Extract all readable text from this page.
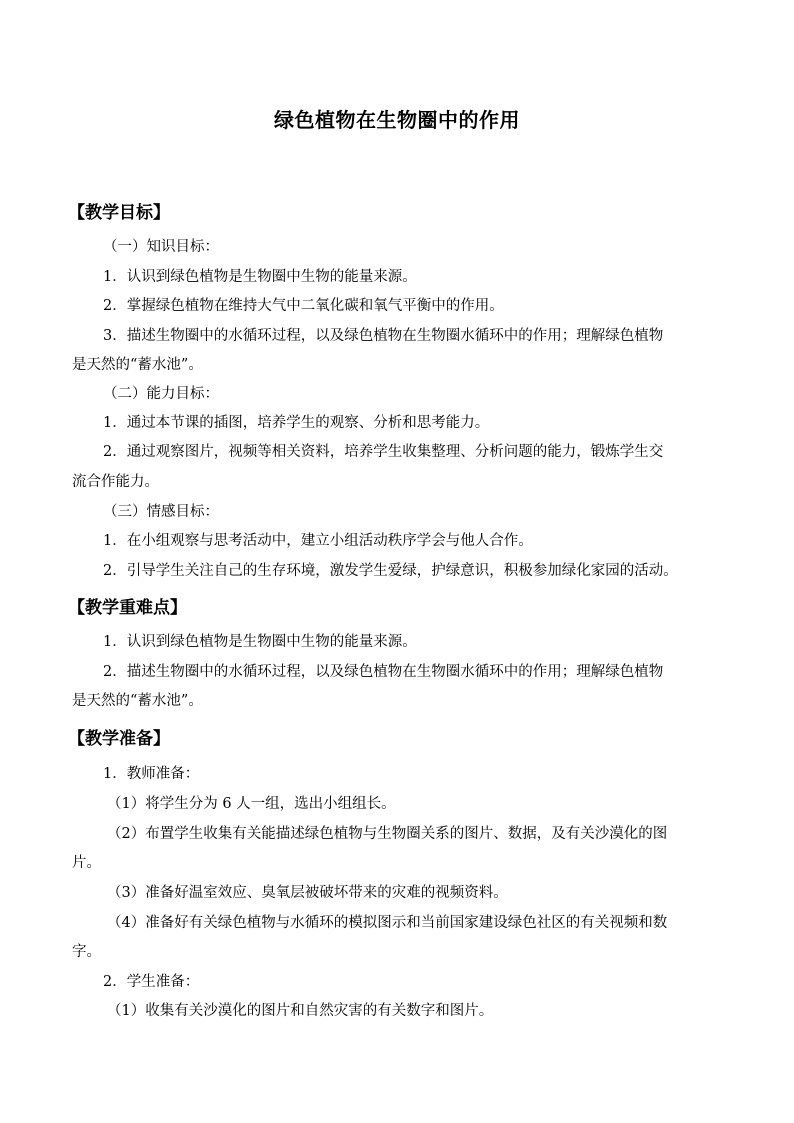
绿色植物在生物圈中的作用
【教学目标】
（一）知识目标：
1．认识到绿色植物是生物圈中生物的能量来源。
2．掌握绿色植物在维持大气中二氧化碳和氧气平衡中的作用。
3．描述生物圈中的水循环过程，以及绿色植物在生物圈水循环中的作用；理解绿色植物
是天然的“蓄水池”。
（二）能力目标：
1．通过本节课的插图，培养学生的观察、分析和思考能力。
2．通过观察图片，视频等相关资料，培养学生收集整理、分析问题的能力，锻炼学生交
流合作能力。
（三）情感目标：
1．在小组观察与思考活动中，建立小组活动秩序学会与他人合作。
2．引导学生关注自己的生存环境，激发学生爱绿，护绿意识，积极参加绿化家园的活动。
【教学重难点】
1．认识到绿色植物是生物圈中生物的能量来源。
2．描述生物圈中的水循环过程，以及绿色植物在生物圈水循环中的作用；理解绿色植物
是天然的“蓄水池”。
【教学准备】
1．教师准备：
（1）将学生分为 6 人一组，选出小组组长。
（2）布置学生收集有关能描述绿色植物与生物圈关系的图片、数据，及有关沙漠化的图
片。
（3）准备好温室效应、臭氧层被破坏带来的灾难的视频资料。
（4）准备好有关绿色植物与水循环的模拟图示和当前国家建设绿色社区的有关视频和数
字。
2．学生准备：
（1）收集有关沙漠化的图片和自然灾害的有关数字和图片。
